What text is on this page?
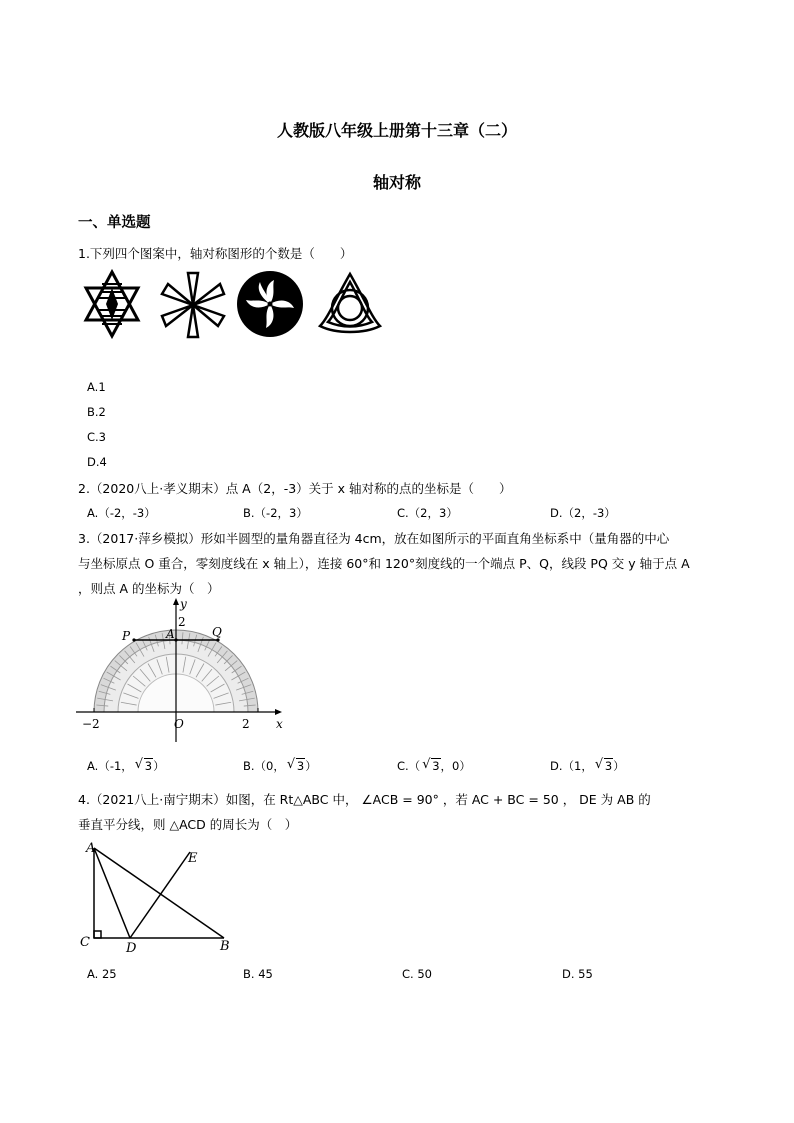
人教版八年级上册第十三章（二）
轴对称
一、单选题
1.下列四个图案中，轴对称图形的个数是（　　）
A.1
B.2
C.3
D.4
2.（2020八上·孝义期末）点 A（2，-3）关于 x 轴对称的点的坐标是（　　）
A.（-2，-3）	B.（-2，3）	C.（2，3）	D.（2，-3）
3.（2017·萍乡模拟）形如半圆型的量角器直径为 4cm，放在如图所示的平面直角坐标系中（量角器的中心
与坐标原点 O 重合，零刻度线在 x 轴上），连接 60°和 120°刻度线的一个端点 P、Q，线段 PQ 交 y 轴于点 A
，则点 A 的坐标为（　）
y
x
2
A
P	Q
−2	O	2
A.（-1， √ 3）	B.（0， √ 3）	C.（ √ 3，0）	D.（1， √ 3）
4.（2021八上·南宁期末）如图，在 Rt△ABC 中， ∠ACB = 90° ，若 AC + BC = 50 ， DE 为 AB 的
垂直平分线，则 △ACD 的周长为（　）
A
C	D	B
E
A. 25	B. 45	C. 50	D. 55
